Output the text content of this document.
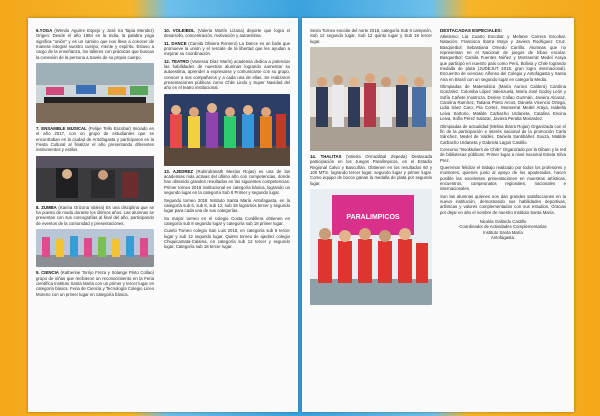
6.YOGA (Wendo Aguirre Espejo y José Ira Tapia Mendez) Origen: Desde el año 1984 en la India, la palabra yoga significa "unión" y es un camino que nos lleva a conocer de manera integral nuestro cuerpo, mente y espíritu. Estuvo a cargo de la enseñanza, los talleres con prácticas que buscan la conexión de la persona a través de su propio cuerpo.

7. ENSAMBLE MUSICAL (Felipe Tello Escobar) Iniciado en el año 2017, con un grupo de estudiantes que se encontraban en la ciudad de Antofagasta y participaron en la Fiesta Cultural al finalizar el año presentando diferentes instrumentos y estilos.

8. ZUMBA (Karina Orizona Valera) Es una disciplina que se ha puesto de moda durante los últimos años. Las alumnas se presentan con sus coreografías al final del año, participando de eventos de la comunidad y presentaciones.

9. CIENCIA (Katherine Torrijo Freza y Solange Pinto Collao) grupo de niñas que recibieron un reconocimiento en la Feria científica Instituto Santa María con un primer y tercer lugar en categoría básica. Feria de Ciencia y Tecnología Colegio Liceo Moreno con un primer lugar en categoría básica.

10. VOLEIBOL (Valeria Martín Lizana) deporte que logra el desarrollo, concentración, motivación y autoestima.

11. DANCE (Camila Oliviera Romero) La Dance es un baile que promueve la unión y el rescate de la libertad que les ayudan a mejorar su coordinación.

12. TEATRO (Vanessa Díaz Marín) academia dedica a potenciar las habilidades de nuestras alumnas logrando aumentar su autoestima, aprender a expresarse y comunicarse con su grupo, conocer a sus compañeros y a cada una de ellas. Se realizaron presentaciones públicas como Chile Lindo y Super Navidad del año en el teatro institucional.

13. AJEDREZ (Rubindranath Mesías Rojas) es una de las academias más activas del último año con competencias, donde han obtenido grandes resultados en las siguientes competencias: Primer torneo 2018 institucional en categoría básica, logrando un segundo lugar en la categoría Sub 8 Primer y segundo lugar.

Segundo torneo 2018 Instituto Santa María Antofagasta, en la categoría sub 6, sub 8, sub 12, sub 18 logramos tercer y segundo lugar para cada una de sus categorías.

Su mayor torneo en el colegio Costa Cordillera obtienen en categoría sub 8 segundo lugar y categoría sub 18 primer lugar.

Cuarto Torneo colegio San Luis 2018, en categoría sub 8 tercer lugar y sub 12 segundo lugar. Quinto torneo de ajedrez colegio Chiquicamata-Calama, en categoría sub 12 tercer y segundo lugar, Categoría sub 18 tercer lugar.

Sexto Torneo escolar del norte 2018, categoría Sub 6 campeón, Sub 12 segundo lugar, Sub 12 quinto lugar y Sub 18 tercer lugar.

14. THALITAS (Valeria Ormazábal Zepeda) Destacada participación en los Juegos Paralímpicos, en el Estadio Regional Calvo y Bascuñán. Obtienen en los resultados 60 y 100 MTS. logrando tercer lugar, segundo lugar y primer lugar. Como equipo de bocce ganan la medalla de plata por segundo lugar.

PARALIMPICOS

DESTACADAS ESPECIALES:

Atletismo: Lía Cuatro Escobar y Melanie Carrera Escobar. Natación: Francisca Ibarra Moya y Javiera Rodríguez Cruz. Basquetbol: Sebastiana Ornedo Carrillo. Alumnas que no representan en el Nacional de juegos de tribus escolar. Basquetbol: Camila Fuentes Núñez y Montserrat Medel Araya que participó en nuestro país como Perú, Bolivia y Chile logrando medalla de plata (JUDEJUT 2018, gran logro internacional). Encuentro de ciencias: Alfonso del Colegio y Antofagasta y Santa Ana en Brasil con un segundo lugar en categoría Media.

Olimpiadas de Matemática (María Aurora Caldera) Carolina Gonzalez, Colomba López Valenzuela, María José Godoy León y Sofía Cañete Inostroza, Denise Collao Guzmán, Javiera Alcaraz, Carolina Ramírez, Tatiana Prieto Arcos, Daniela Vicencio Ortega, Lidia Sáez Caro, Pía Cortez, Monserrat Medel Araya, Isabella Leiva Sartorio, Matilde Carbacho Urdaneta, Catalina Encina Leiva, Sofía Pérez Salazar, Javiera Peralta Monardez.

Olimpiadas de actualidad (Melisa Ibarra Rojas) Organizada con el fin de la participación e interés nacional de la promoción Carla Sánchez, Medel de Valdés, Daniela Santibáñez Souza, Matilde Carbacho Urdaneta y Gabriela Lagos Castillo.

Concurso "Booktubers de Chile" Organizado por la Dibam y la red de bibliotecas públicas: Primer lugar a nivel nacional Estela Silva Prez.

Queremos felicitar el trabajo realizado por todos los profesores y monitores, quienes junto al apoyo de los apoderados, hacen posible las excelentes presentaciones en muestras artísticas, encuentros, campeonatos regionales, nacionales e internacionales.

Son las alumnas quienes nos dan grandes satisfacciones en la nueva institución, demostrando sus habilidades deportivas, artísticas y valores complementados con sus estudios. Gracias por dejar en alto el nombre de nuestro Instituto Santa María.

Nicolás Gallardo Castillo
Coordinador de Actividades Complementarias
Instituto Santa María
Antofagasta.
